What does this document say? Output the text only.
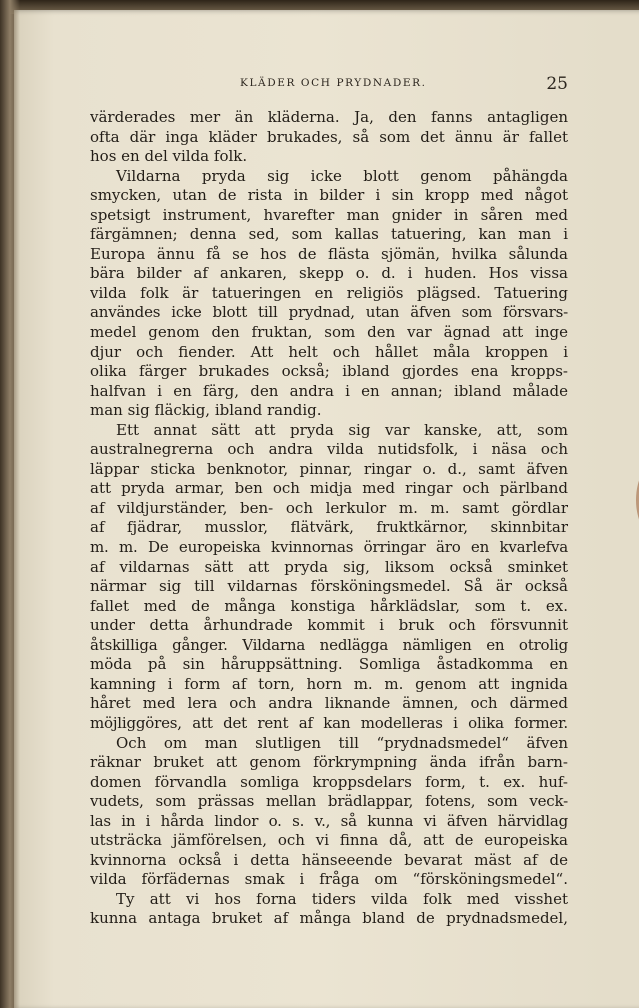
KLÄDER OCH PRYDNADER.	25
värderades mer än kläderna. Ja, den fanns antagligen
ofta där inga kläder brukades, så som det ännu är fallet
hos en del vilda folk.
Vildarna pryda sig icke blott genom påhängda
smycken, utan de rista in bilder i sin kropp med något
spetsigt instrument, hvarefter man gnider in såren med
färgämnen; denna sed, som kallas tatuering, kan man i
Europa ännu få se hos de flästa sjömän, hvilka sålunda
bära bilder af ankaren, skepp o. d. i huden. Hos vissa
vilda folk är tatueringen en religiös plägsed. Tatuering
användes icke blott till prydnad, utan äfven som försvars-
medel genom den fruktan, som den var ägnad att inge
djur och fiender. Att helt och hållet måla kroppen i
olika färger brukades också; ibland gjordes ena kropps-
halfvan i en färg, den andra i en annan; ibland målade
man sig fläckig, ibland randig.
Ett annat sätt att pryda sig var kanske, att, som
australnegrerna och andra vilda nutidsfolk, i näsa och
läppar sticka benknotor, pinnar, ringar o. d., samt äfven
att pryda armar, ben och midja med ringar och pärlband
af vildjurständer, ben- och lerkulor m. m. samt gördlar
af fjädrar, musslor, flätvärk, fruktkärnor, skinnbitar
m. m. De europeiska kvinnornas örringar äro en kvarlefva
af vildarnas sätt att pryda sig, liksom också sminket
närmar sig till vildarnas försköningsmedel. Så är också
fallet med de många konstiga hårklädslar, som t. ex.
under detta århundrade kommit i bruk och försvunnit
åtskilliga gånger. Vildarna nedlägga nämligen en otrolig
möda på sin håruppsättning. Somliga åstadkomma en
kamning i form af torn, horn m. m. genom att ingnida
håret med lera och andra liknande ämnen, och därmed
möjliggöres, att det rent af kan modelleras i olika former.
Och om man slutligen till “prydnadsmedel“ äfven
räknar bruket att genom förkrympning ända ifrån barn-
domen förvandla somliga kroppsdelars form, t. ex. huf-
vudets, som prässas mellan brädlappar, fotens, som veck-
las in i hårda lindor o. s. v., så kunna vi äfven härvidlag
utsträcka jämförelsen, och vi finna då, att de europeiska
kvinnorna också i detta hänseeende bevarat mäst af de
vilda förfädernas smak i fråga om “försköningsmedel“.
Ty att vi hos forna tiders vilda folk med visshet
kunna antaga bruket af många bland de prydnadsmedel,
